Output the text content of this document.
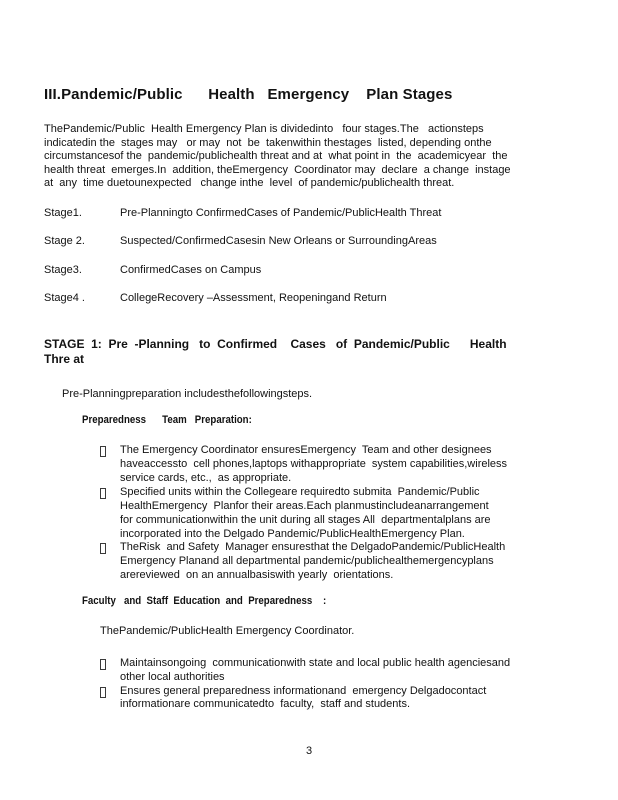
III.Pandemic/Public      Health   Emergency    Plan Stages

ThePandemic/Public  Health Emergency Plan is dividedinto   four stages.The   actionsteps
indicatedin the  stages may   or may  not  be  takenwithin thestages  listed, depending onthe
circumstancesof the  pandemic/publichealth threat and at  what point in  the  academicyear  the
health threat  emerges.In  addition, theEmergency  Coordinator may  declare  a change  instage
at  any  time duetounexpected   change inthe  level  of pandemic/publichealth threat.

Stage1.	Pre-Planningto ConfirmedCases of Pandemic/PublicHealth Threat
Stage 2.	Suspected/ConfirmedCasesin New Orleans or SurroundingAreas
Stage3.	ConfirmedCases on Campus
Stage4 .	CollegeRecovery –Assessment, Reopeningand Return
STAGE  1:  Pre  -Planning   to  Confirmed    Cases   of  Pandemic/Public      Health
Thre at

Pre-Planningpreparation includesthefollowingsteps.

Preparedness      Team   Preparation:
The Emergency Coordinator ensuresEmergency  Team and other designees
haveaccessto  cell phones,laptops withappropriate  system capabilities,wireless
service cards, etc.,  as appropriate.
Specified units within the Collegeare requiredto submita  Pandemic/Public
HealthEmergency  Planfor their areas.Each planmustincludeanarrangement
for communicationwithin the unit during all stages All  departmentalplans are
incorporated into the Delgado Pandemic/PublicHealthEmergency Plan.
TheRisk  and Safety  Manager ensuresthat the DelgadoPandemic/PublicHealth
Emergency Planand all departmental pandemic/publichealthemergencyplans
arereviewed  on an annualbasiswith yearly  orientations.
Faculty   and  Staff  Education  and  Preparedness    :

ThePandemic/PublicHealth Emergency Coordinator.

Maintainsongoing  communicationwith state and local public health agenciesand
other local authorities
Ensures general preparedness informationand  emergency Delgadocontact
informationare communicatedto  faculty,  staff and students.
3
